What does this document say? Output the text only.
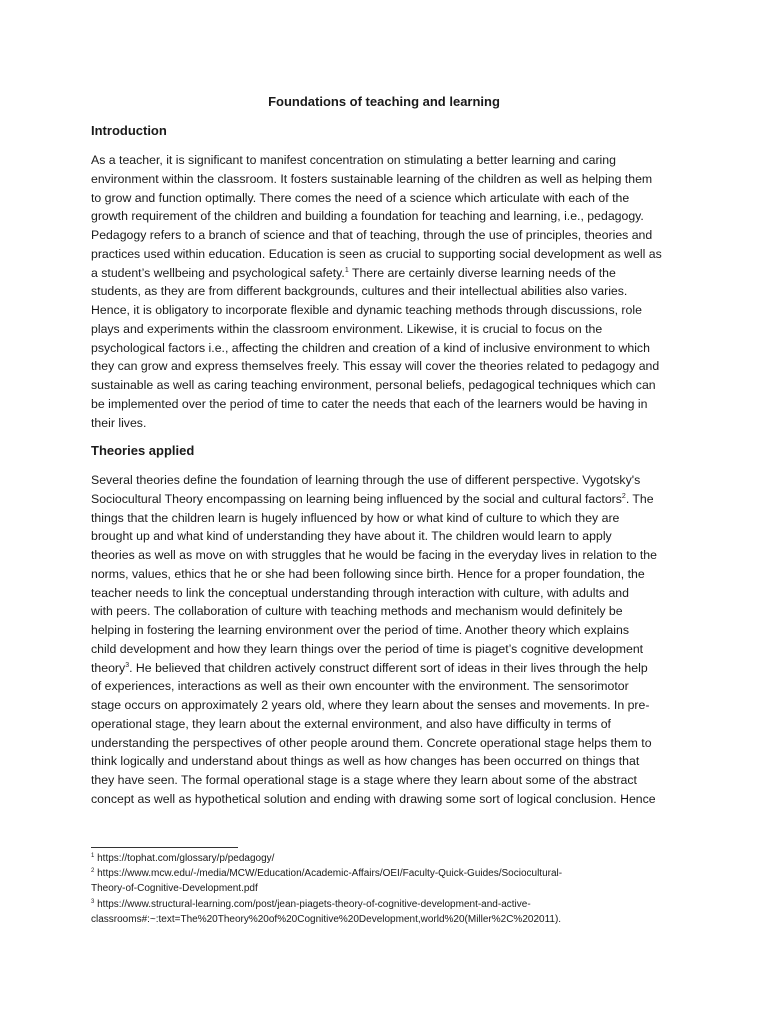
Foundations of teaching and learning
Introduction

As a teacher, it is significant to manifest concentration on stimulating a better learning and caring
environment within the classroom. It fosters sustainable learning of the children as well as helping them
to grow and function optimally. There comes the need of a science which articulate with each of the
growth requirement of the children and building a foundation for teaching and learning, i.e., pedagogy.
Pedagogy refers to a branch of science and that of teaching, through the use of principles, theories and
practices used within education. Education is seen as crucial to supporting social development as well as
a student’s wellbeing and psychological safety.$^1$ There are certainly diverse learning needs of the
students, as they are from different backgrounds, cultures and their intellectual abilities also varies.
Hence, it is obligatory to incorporate flexible and dynamic teaching methods through discussions, role
plays and experiments within the classroom environment. Likewise, it is crucial to focus on the
psychological factors i.e., affecting the children and creation of a kind of inclusive environment to which
they can grow and express themselves freely. This essay will cover the theories related to pedagogy and
sustainable as well as caring teaching environment, personal beliefs, pedagogical techniques which can
be implemented over the period of time to cater the needs that each of the learners would be having in
their lives.

Theories applied

Several theories define the foundation of learning through the use of different perspective. Vygotsky's
Sociocultural Theory encompassing on learning being influenced by the social and cultural factors$^2$. The
things that the children learn is hugely influenced by how or what kind of culture to which they are
brought up and what kind of understanding they have about it. The children would learn to apply
theories as well as move on with struggles that he would be facing in the everyday lives in relation to the
norms, values, ethics that he or she had been following since birth. Hence for a proper foundation, the
teacher needs to link the conceptual understanding through interaction with culture, with adults and
with peers. The collaboration of culture with teaching methods and mechanism would definitely be
helping in fostering the learning environment over the period of time. Another theory which explains
child development and how they learn things over the period of time is piaget’s cognitive development
theory$^3$. He believed that children actively construct different sort of ideas in their lives through the help
of experiences, interactions as well as their own encounter with the environment. The sensorimotor
stage occurs on approximately 2 years old, where they learn about the senses and movements. In pre-
operational stage, they learn about the external environment, and also have difficulty in terms of
understanding the perspectives of other people around them. Concrete operational stage helps them to
think logically and understand about things as well as how changes has been occurred on things that
they have seen. The formal operational stage is a stage where they learn about some of the abstract
concept as well as hypothetical solution and ending with drawing some sort of logical conclusion. Hence

$^1$ https://tophat.com/glossary/p/pedagogy/
$^2$ https://www.mcw.edu/-/media/MCW/Education/Academic-Affairs/OEI/Faculty-Quick-Guides/Sociocultural-
Theory-of-Cognitive-Development.pdf
$^3$ https://www.structural-learning.com/post/jean-piagets-theory-of-cognitive-development-and-active-
classrooms#:~:text=The%20Theory%20of%20Cognitive%20Development,world%20(Miller%2C%202011).
